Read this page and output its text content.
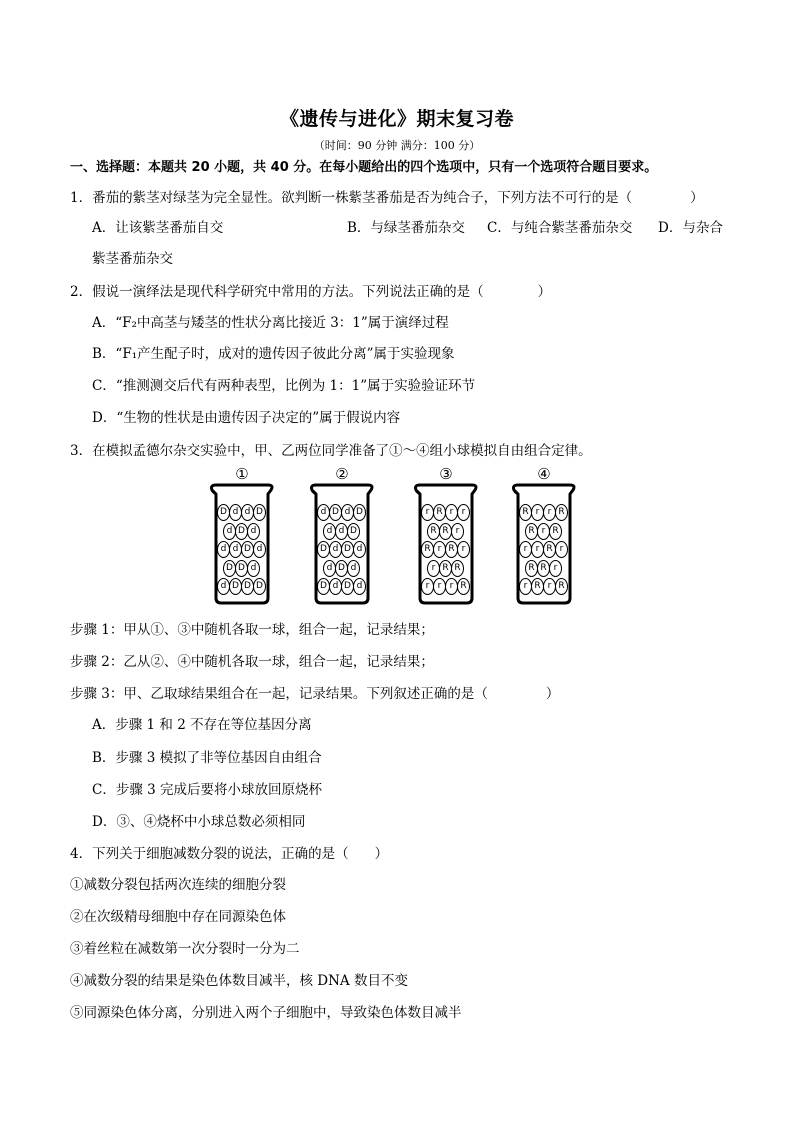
《遗传与进化》期末复习卷
（时间：90 分钟 满分：100 分）
一、选择题：本题共 20 小题，共 40 分。在每小题给出的四个选项中，只有一个选项符合题目要求。
1．番茄的紫茎对绿茎为完全显性。欲判断一株紫茎番茄是否为纯合子，下列方法不可行的是（	）
A．让该紫茎番茄自交	B．与绿茎番茄杂交 C．与纯合紫茎番茄杂交 D．与杂合
紫茎番茄杂交
2．假说一演绎法是现代科学研究中常用的方法。下列说法正确的是（	）
A．“F₂中高茎与矮茎的性状分离比接近 3：1”属于演绎过程
B．“F₁产生配子时，成对的遗传因子彼此分离”属于实验现象
C．“推测测交后代有两种表型，比例为 1：1”属于实验验证环节
D．“生物的性状是由遗传因子决定的”属于假说内容
3．在模拟孟德尔杂交实验中，甲、乙两位同学准备了①～④组小球模拟自由组合定律。
①
D d d D
d D d
d d D d
D D d
d D D D
②
d D d D
d d D
D d D d
d D d
D d D d
③
r R r r
R R r
R r R r
r R R
r r r R
④
R r r R
R r R
r r R r
R R r
r R r R
步骤 1：甲从①、③中随机各取一球，组合一起，记录结果；
步骤 2：乙从②、④中随机各取一球，组合一起，记录结果；
步骤 3：甲、乙取球结果组合在一起，记录结果。下列叙述正确的是（	）
A．步骤 1 和 2 不存在等位基因分离
B．步骤 3 模拟了非等位基因自由组合
C．步骤 3 完成后要将小球放回原烧杯
D．③、④烧杯中小球总数必须相同
4．下列关于细胞减数分裂的说法，正确的是（ ）
①减数分裂包括两次连续的细胞分裂
②在次级精母细胞中存在同源染色体
③着丝粒在减数第一次分裂时一分为二
④减数分裂的结果是染色体数目减半，核 DNA 数目不变
⑤同源染色体分离，分别进入两个子细胞中，导致染色体数目减半
